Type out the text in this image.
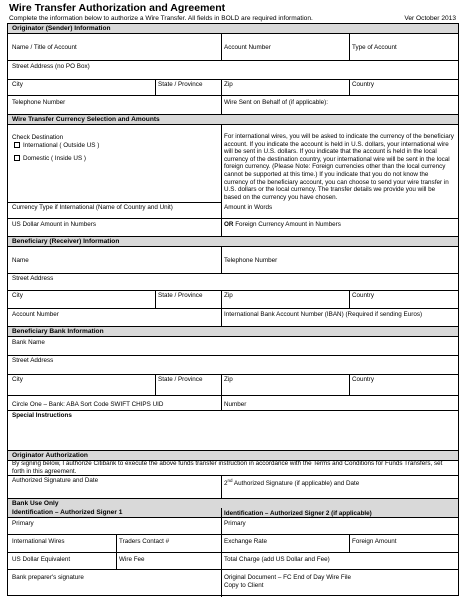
Wire Transfer Authorization and Agreement
Complete the information below to authorize a Wire Transfer. All fields in BOLD are required information.	Ver October 2013
Originator (Sender) Information
Name / Title of Account	Account Number	Type of Account
Street Address (no PO Box)
City	State / Province	Zip	Country
Telephone Number	Wire Sent on Behalf of (if applicable):
Wire Transfer Currency Selection and Amounts
Check Destination
International ( Outside US )
Domestic ( Inside US )
For international wires, you will be asked to indicate the currency of the beneficiary account. If you indicate the account is held in U.S. dollars, your international wire will be sent in U.S. dollars. If you indicate that the account is held in the local currency of the destination country, your international wire will be sent in the local foreign currency. (Please Note: Foreign currencies other than the local currency cannot be supported at this time.) If you indicate that you do not know the currency of the beneficiary account, you can choose to send your wire transfer in U.S. dollars or the local currency. The transfer details we provide you will be based on the currency you have chosen.
Currency Type if International (Name of Country and Unit)	Amount in Words
US Dollar Amount in Numbers	OR Foreign Currency Amount in Numbers
Beneficiary (Receiver) Information
Name	Telephone Number
Street Address
City	State / Province	Zip	Country
Account Number	International Bank Account Number (IBAN) (Required if sending Euros)
Beneficiary Bank Information
Bank Name
Street Address
City	State / Province	Zip	Country
Circle One – Bank: ABA Sort Code SWIFT CHIPS UID	Number
Special Instructions
Originator Authorization
By signing below, I authorize Citibank to execute the above funds transfer instruction in accordance with the Terms and Conditions for Funds Transfers, set forth in this agreement.
Authorized Signature and Date	2nd Authorized Signature (if applicable) and Date
Bank Use Only
Identification – Authorized Signer 1	Identification – Authorized Signer 2 (if applicable)
Primary	Primary
International Wires	Traders Contact #	Exchange Rate	Foreign Amount
US Dollar Equivalent	Wire Fee	Total Charge (add US Dollar and Fee)
Bank preparer's signature	Original Document – FC End of Day Wire File
Copy to Client
